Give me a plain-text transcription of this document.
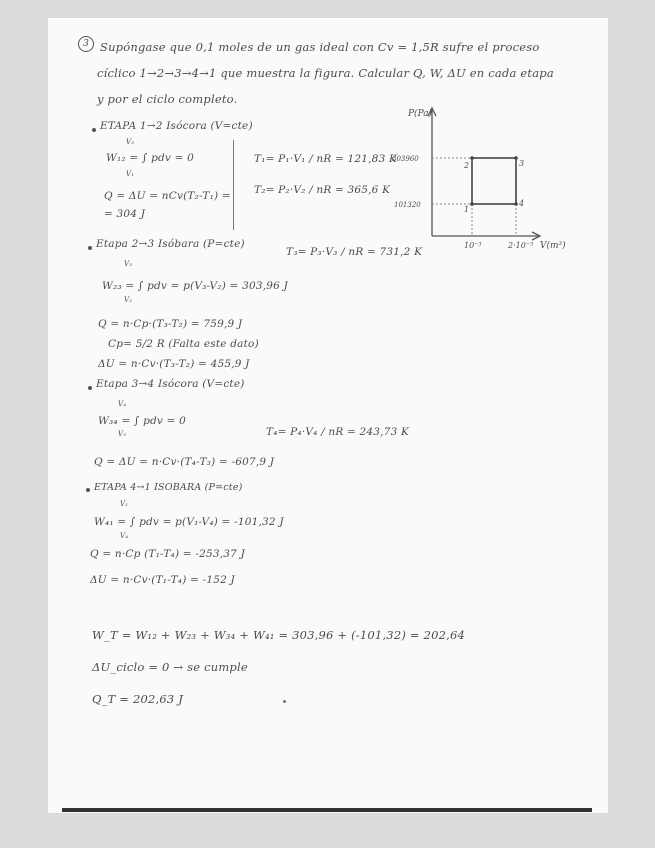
3 Supóngase que 0,1 moles de un gas ideal con Cv = 1,5R sufre el proceso
cíclico 1→2→3→4→1 que muestra la figura. Calcular Q, W, ΔU en cada etapa
y por el ciclo completo.
1
2	3
4
P(Pa)
V(m³)
303960
101320
10⁻³	2·10⁻³
ETAPA 1→2 Isócora (V=cte)
W₁₂ = ∫ pdv = 0
V₂
V₁
T₁= P₁·V₁ / nR = 121,83 K
T₂= P₂·V₂ / nR = 365,6 K
Q = ΔU = nCv(T₂-T₁) =
= 304 J
Etapa 2→3 Isóbara (P=cte)
T₃= P₃·V₃ / nR = 731,2 K
W₂₃ = ∫ pdv = p(V₃-V₂) = 303,96 J
V₃
V₂
Q = n·Cp·(T₃-T₂) = 759,9 J
Cp= 5/2 R (Falta este dato)
ΔU = n·Cv·(T₃-T₂) = 455,9 J
Etapa 3→4 Isócora (V=cte)
W₃₄ = ∫ pdv = 0
V₄
V₃	T₄= P₄·V₄ / nR = 243,73 K
Q = ΔU = n·Cv·(T₄-T₃) = -607,9 J
ETAPA 4→1 ISOBARA (P=cte)
W₄₁ = ∫ pdv = p(V₁-V₄) = -101,32 J
V₁
V₄
Q = n·Cp (T₁-T₄) = -253,37 J
ΔU = n·Cv·(T₁-T₄) = -152 J
W_T = W₁₂ + W₂₃ + W₃₄ + W₄₁ = 303,96 + (-101,32) = 202,64
ΔU_ciclo = 0 → se cumple
Q_T = 202,63 J
